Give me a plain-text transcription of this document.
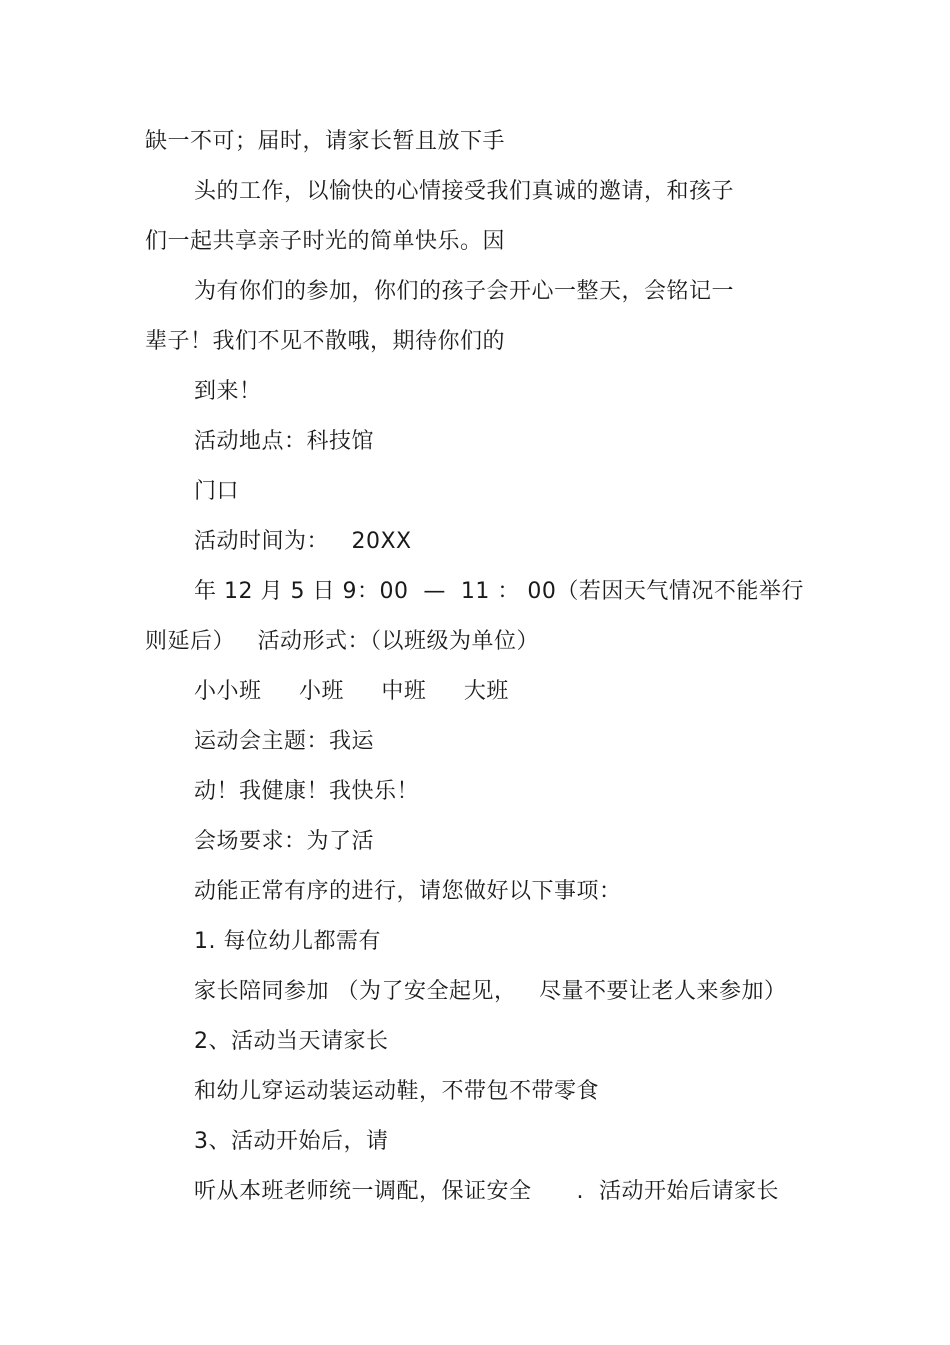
缺一不可；届时，请家长暂且放下手
头的工作，以愉快的心情接受我们真诚的邀请，和孩子
们一起共享亲子时光的简单快乐。因
为有你们的参加，你们的孩子会开心一整天，会铭记一
辈子！我们不见不散哦，期待你们的
到来！
活动地点：科技馆
门口
活动时间为：   20XX
年 12 月 5 日 9：00  —  11 ： 00（若因天气情况不能举行
则延后）   活动形式：（以班级为单位）
小小班     小班     中班     大班
运动会主题：我运
动！我健康！我快乐！
会场要求：为了活
动能正常有序的进行，请您做好以下事项：
1. 每位幼儿都需有
家长陪同参加 （为了安全起见，   尽量不要让老人来参加）
2、活动当天请家长
和幼儿穿运动装运动鞋，不带包不带零食
3、活动开始后，请
听从本班老师统一调配，保证安全      .  活动开始后请家长
